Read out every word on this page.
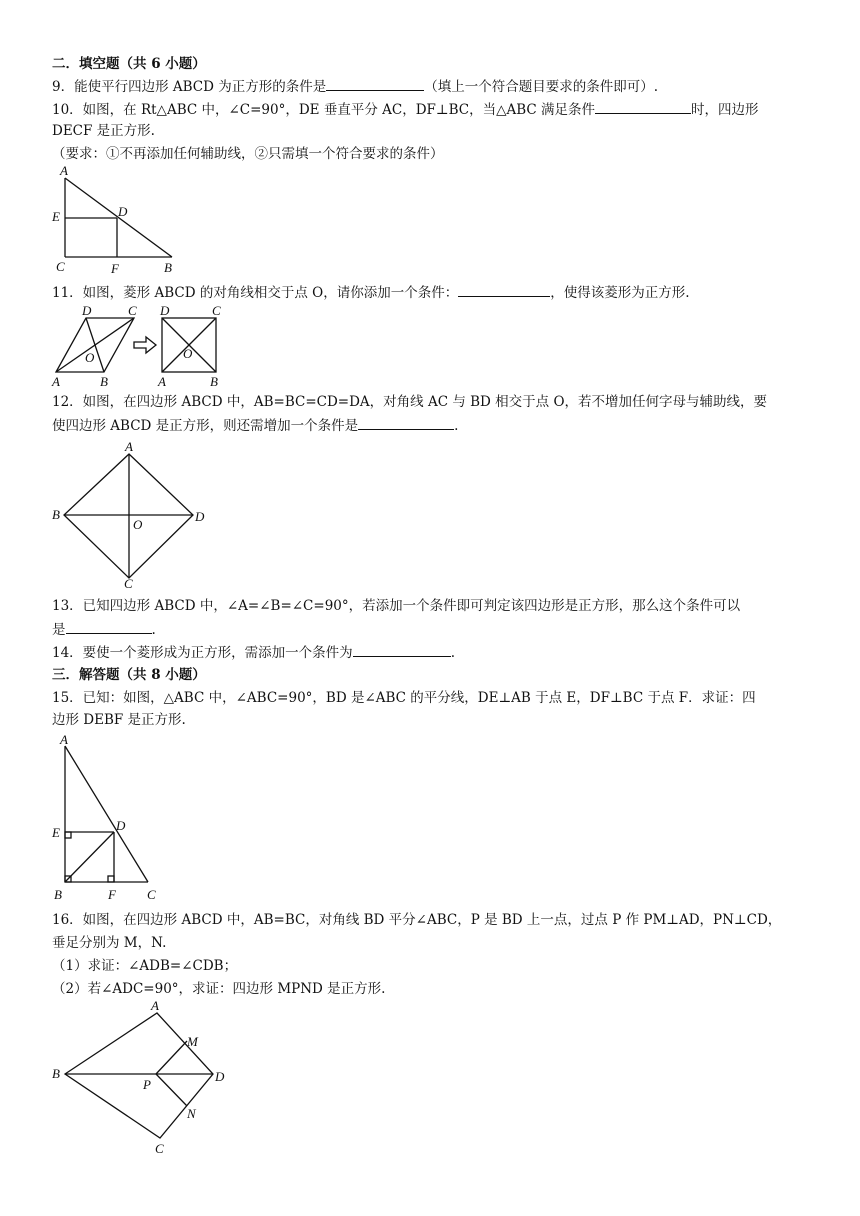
二．填空题（共 6 小题）
9．能使平行四边形 ABCD 为正方形的条件是	（填上一个符合题目要求的条件即可）.
10．如图，在 Rt△ABC 中，∠C=90°，DE 垂直平分 AC，DF⊥BC，当△ABC 满足条件	时，四边形
DECF 是正方形.
（要求：①不再添加任何辅助线，②只需填一个符合要求的条件）
A
E	D
C	F	B
11．如图，菱形 ABCD 的对角线相交于点 O，请你添加一个条件：	，使得该菱形为正方形.
D	C
O
A	B
D	C
O
A	B
12．如图，在四边形 ABCD 中，AB=BC=CD=DA，对角线 AC 与 BD 相交于点 O，若不增加任何字母与辅助线，要
使四边形 ABCD 是正方形，则还需增加一个条件是	.
A
B
O
D
C
13．已知四边形 ABCD 中，∠A=∠B=∠C=90°，若添加一个条件即可判定该四边形是正方形，那么这个条件可以
是	.
14．要使一个菱形成为正方形，需添加一个条件为	.
三．解答题（共 8 小题）
15．已知：如图，△ABC 中，∠ABC=90°，BD 是∠ABC 的平分线，DE⊥AB 于点 E，DF⊥BC 于点 F．求证：四
边形 DEBF 是正方形.
A
E	D
B	F C
16．如图，在四边形 ABCD 中，AB=BC，对角线 BD 平分∠ABC，P 是 BD 上一点，过点 P 作 PM⊥AD，PN⊥CD，
垂足分别为 M，N.
（1）求证：∠ADB=∠CDB；
（2）若∠ADC=90°，求证：四边形 MPND 是正方形.
A
M
B
P
D
N
C
